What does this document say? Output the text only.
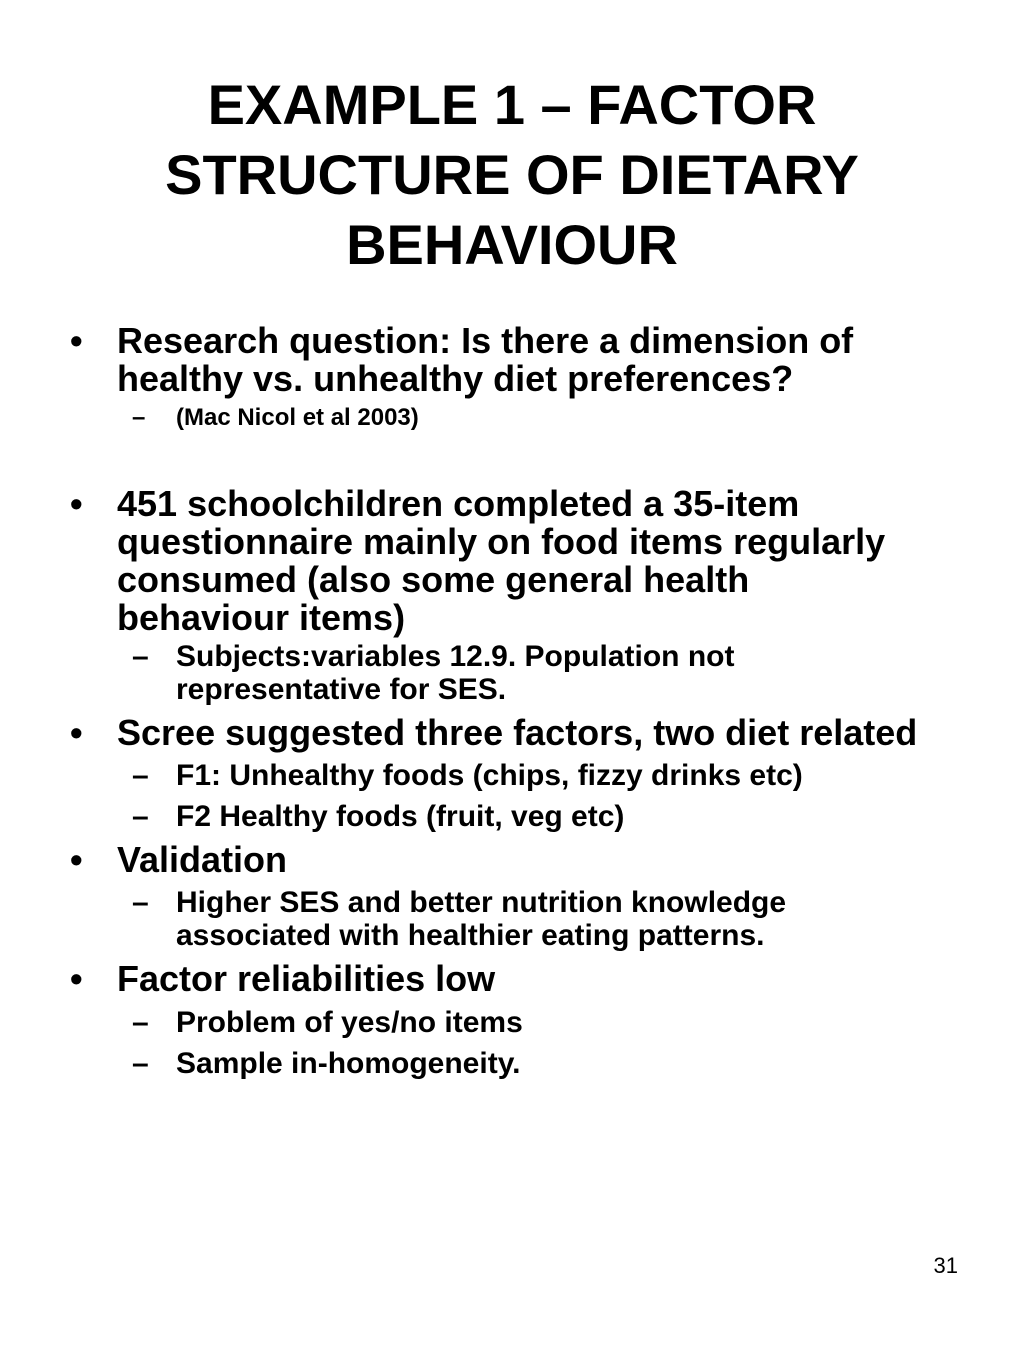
EXAMPLE 1 – FACTOR
STRUCTURE OF DIETARY
BEHAVIOUR
• Research question: Is there a dimension of
healthy vs. unhealthy diet preferences?
– (Mac Nicol et al 2003)
• 451 schoolchildren completed a 35-item
questionnaire mainly on food items regularly
consumed (also some general health
behaviour items)
– Subjects:variables 12.9. Population not
representative for SES.
• Scree suggested three factors, two diet related
– F1: Unhealthy foods (chips, fizzy drinks etc)
– F2 Healthy foods (fruit, veg etc)
• Validation
– Higher SES and better nutrition knowledge
associated with healthier eating patterns.
• Factor reliabilities low
– Problem of yes/no items
– Sample in-homogeneity.
31
